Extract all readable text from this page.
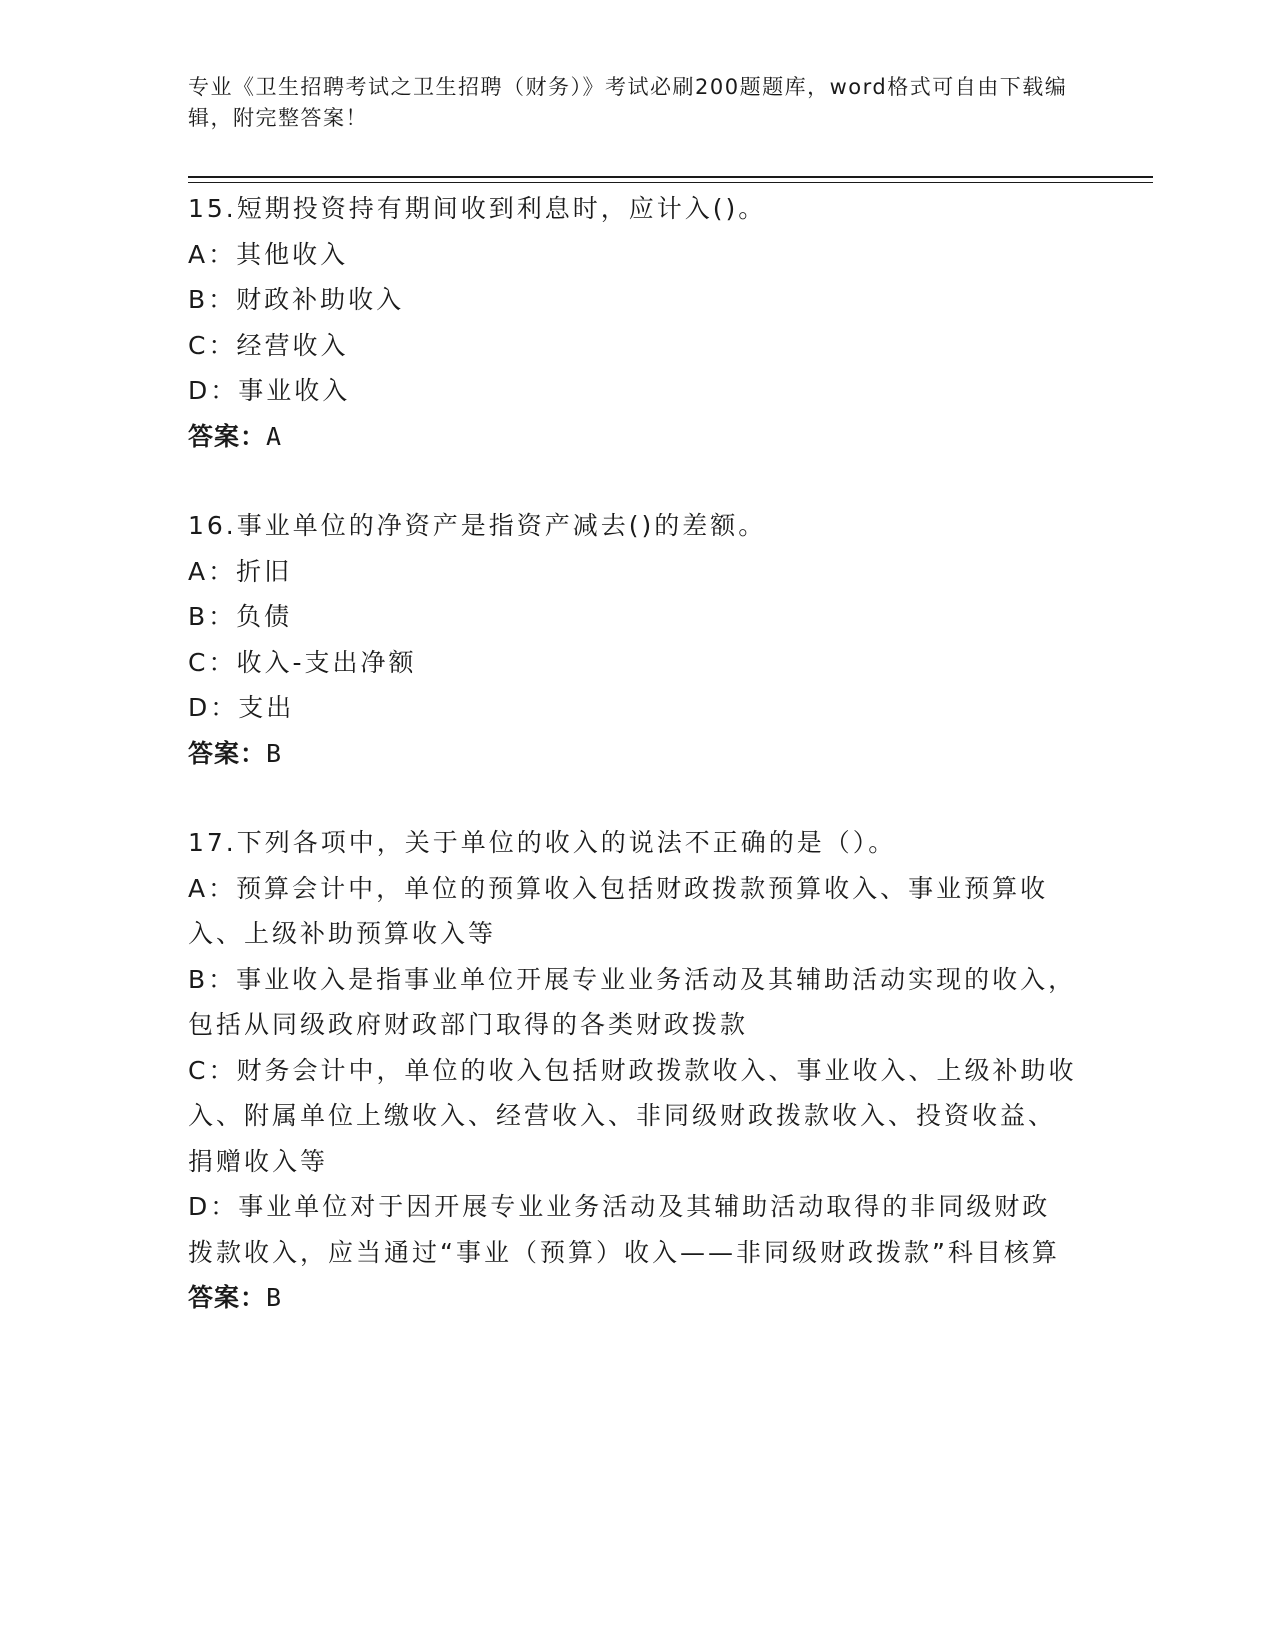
专业《卫生招聘考试之卫生招聘（财务）》考试必刷200题题库，word格式可自由下载编辑，附完整答案！
15.短期投资持有期间收到利息时，应计入()。
A：其他收入
B：财政补助收入
C：经营收入
D：事业收入
答案：A
16.事业单位的净资产是指资产减去()的差额。
A：折旧
B：负债
C：收入-支出净额
D：支出
答案：B
17.下列各项中，关于单位的收入的说法不正确的是（）。
A：预算会计中，单位的预算收入包括财政拨款预算收入、事业预算收入、上级补助预算收入等
B：事业收入是指事业单位开展专业业务活动及其辅助活动实现的收入，包括从同级政府财政部门取得的各类财政拨款
C：财务会计中，单位的收入包括财政拨款收入、事业收入、上级补助收入、附属单位上缴收入、经营收入、非同级财政拨款收入、投资收益、捐赠收入等
D：事业单位对于因开展专业业务活动及其辅助活动取得的非同级财政拨款收入，应当通过“事业（预算）收入——非同级财政拨款”科目核算
答案：B
